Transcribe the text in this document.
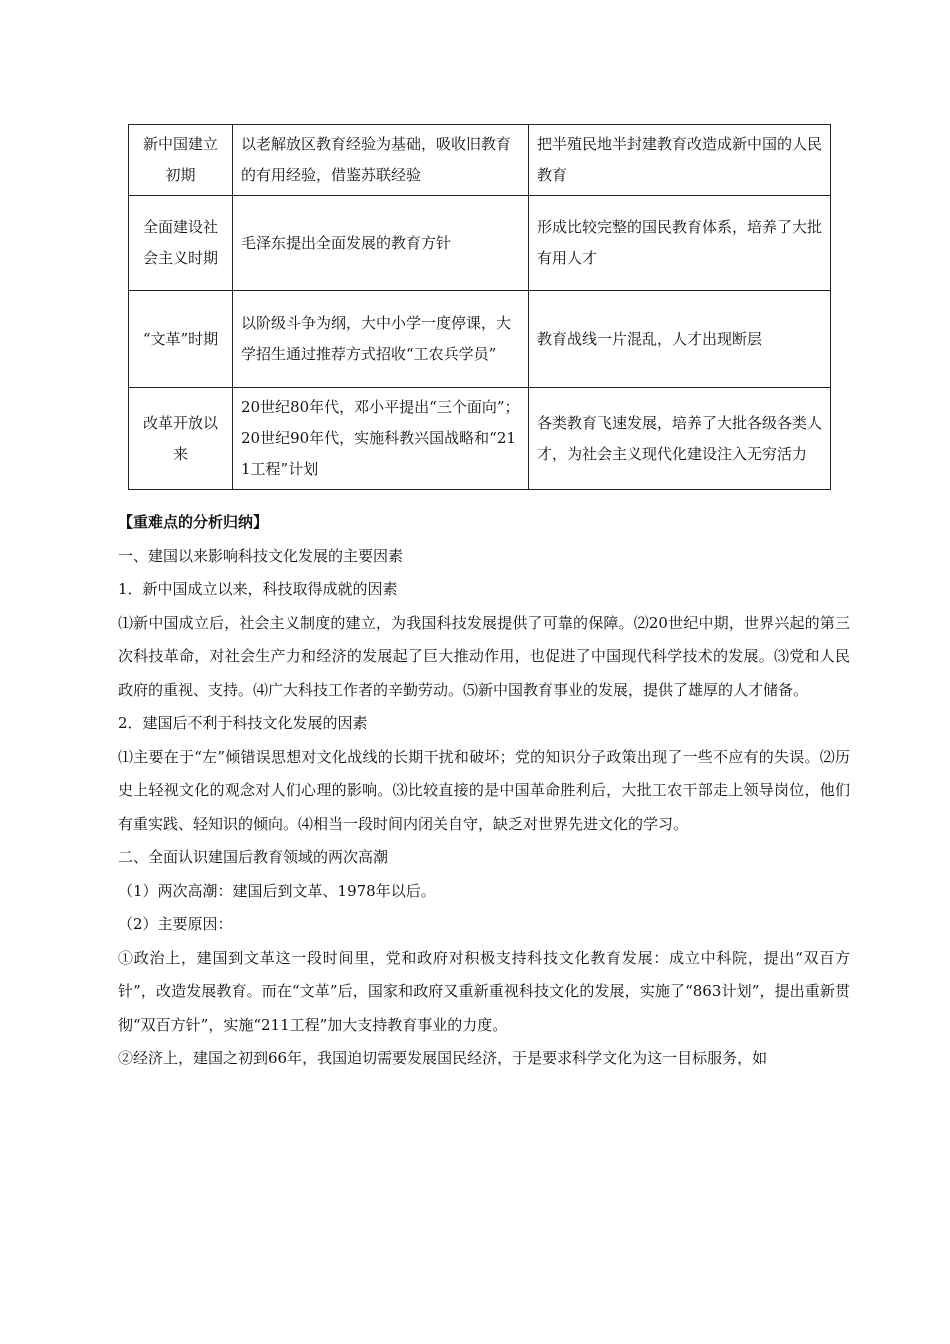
新中国建立初期	以老解放区教育经验为基础，吸收旧教育的有用经验，借鉴苏联经验	把半殖民地半封建教育改造成新中国的人民教育
全面建设社会主义时期	毛泽东提出全面发展的教育方针	形成比较完整的国民教育体系，培养了大批有用人才
“文革”时期	以阶级斗争为纲，大中小学一度停课，大学招生通过推荐方式招收“工农兵学员”	教育战线一片混乱，人才出现断层
改革开放以来	20世纪80年代，邓小平提出“三个面向”；20世纪90年代，实施科教兴国战略和“211工程”计划	各类教育飞速发展，培养了大批各级各类人才，为社会主义现代化建设注入无穷活力

【重难点的分析归纳】

一、建国以来影响科技文化发展的主要因素

1．新中国成立以来，科技取得成就的因素

⑴新中国成立后，社会主义制度的建立，为我国科技发展提供了可靠的保障。⑵20世纪中期，世界兴起的第三次科技革命，对社会生产力和经济的发展起了巨大推动作用，也促进了中国现代科学技术的发展。⑶党和人民政府的重视、支持。⑷广大科技工作者的辛勤劳动。⑸新中国教育事业的发展，提供了雄厚的人才储备。

2．建国后不利于科技文化发展的因素

⑴主要在于“左”倾错误思想对文化战线的长期干扰和破坏；党的知识分子政策出现了一些不应有的失误。⑵历史上轻视文化的观念对人们心理的影响。⑶比较直接的是中国革命胜利后，大批工农干部走上领导岗位，他们有重实践、轻知识的倾向。⑷相当一段时间内闭关自守，缺乏对世界先进文化的学习。

二、全面认识建国后教育领域的两次高潮

（1）两次高潮：建国后到文革、1978年以后。

（2）主要原因：

①政治上，建国到文革这一段时间里，党和政府对积极支持科技文化教育发展：成立中科院，提出“双百方针”，改造发展教育。而在“文革”后，国家和政府又重新重视科技文化的发展，实施了“863计划”，提出重新贯彻“双百方针”，实施“211工程”加大支持教育事业的力度。

②经济上，建国之初到66年，我国迫切需要发展国民经济，于是要求科学文化为这一目标服务，如
